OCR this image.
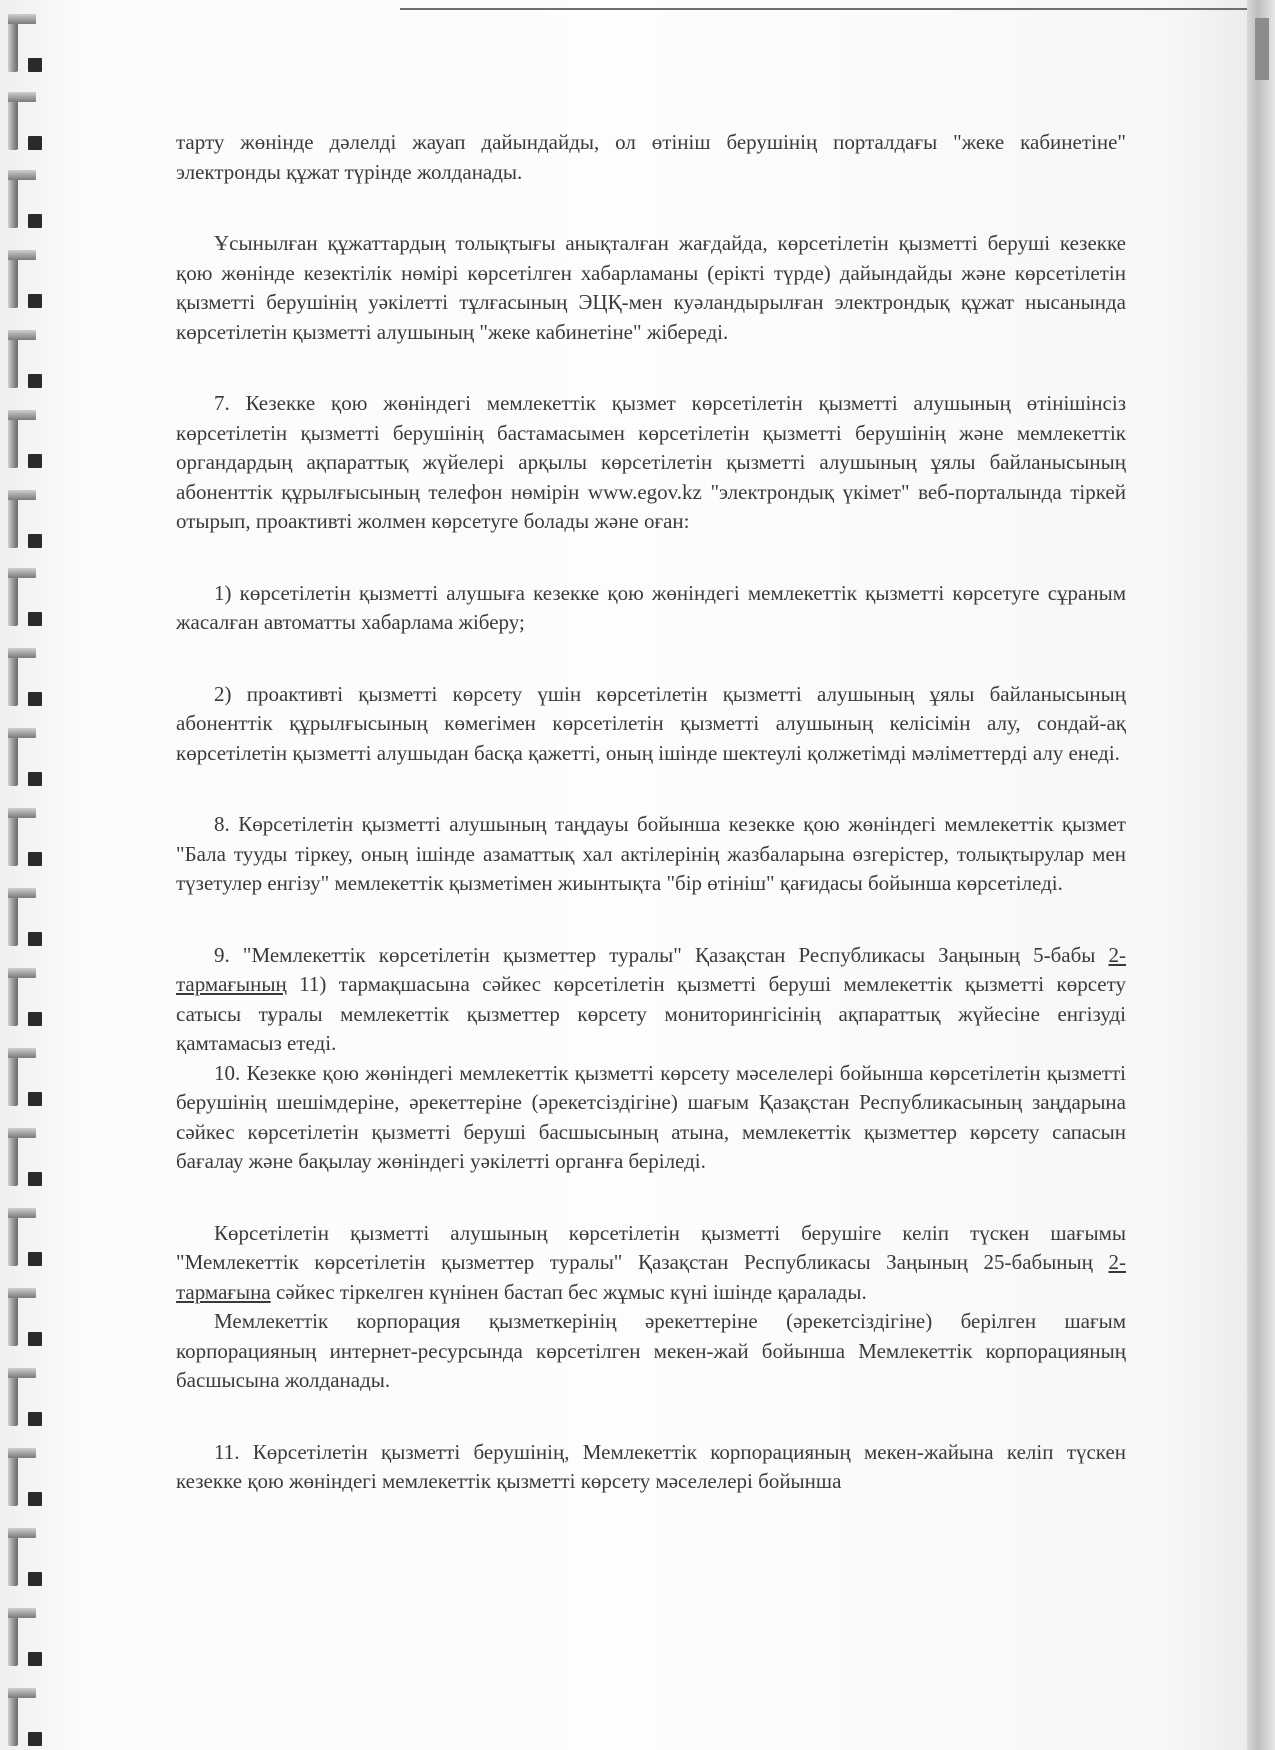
тарту жөнінде дәлелді жауап дайындайды, ол өтініш берушінің порталдағы "жеке кабинетіне" электронды құжат түрінде жолданады.

Ұсынылған құжаттардың толықтығы анықталған жағдайда, көрсетілетін қызметті беруші кезекке қою жөнінде кезектілік нөмірі көрсетілген хабарламаны (ерікті түрде) дайындайды және көрсетілетін қызметті берушінің уәкілетті тұлғасының ЭЦҚ-мен куәландырылған электрондық құжат нысанында көрсетілетін қызметті алушының "жеке кабинетіне" жібереді.

7. Кезекке қою жөніндегі мемлекеттік қызмет көрсетілетін қызметті алушының өтінішінсіз көрсетілетін қызметті берушінің бастамасымен көрсетілетін қызметті берушінің және мемлекеттік органдардың ақпараттық жүйелері арқылы көрсетілетін қызметті алушының ұялы байланысының абоненттік құрылғысының телефон нөмірін www.egov.kz "электрондық үкімет" веб-порталында тіркей отырып, проактивті жолмен көрсетуге болады және оған:

1) көрсетілетін қызметті алушыға кезекке қою жөніндегі мемлекеттік қызметті көрсетуге сұраным жасалған автоматты хабарлама жіберу;

2) проактивті қызметті көрсету үшін көрсетілетін қызметті алушының ұялы байланысының абоненттік құрылғысының көмегімен көрсетілетін қызметті алушының келісімін алу, сондай-ақ көрсетілетін қызметті алушыдан басқа қажетті, оның ішінде шектеулі қолжетімді мәліметтерді алу енеді.

8. Көрсетілетін қызметті алушының таңдауы бойынша кезекке қою жөніндегі мемлекеттік қызмет "Бала тууды тіркеу, оның ішінде азаматтық хал актілерінің жазбаларына өзгерістер, толықтырулар мен түзетулер енгізу" мемлекеттік қызметімен жиынтықта "бір өтініш" қағидасы бойынша көрсетіледі.

9. "Мемлекеттік көрсетілетін қызметтер туралы" Қазақстан Республикасы Заңының 5-бабы 2-тармағының 11) тармақшасына сәйкес көрсетілетін қызметті беруші мемлекеттік қызметті көрсету сатысы туралы мемлекеттік қызметтер көрсету мониторингісінің ақпараттық жүйесіне енгізуді қамтамасыз етеді.

10. Кезекке қою жөніндегі мемлекеттік қызметті көрсету мәселелері бойынша көрсетілетін қызметті берушінің шешімдеріне, әрекеттеріне (әрекетсіздігіне) шағым Қазақстан Республикасының заңдарына сәйкес көрсетілетін қызметті беруші басшысының атына, мемлекеттік қызметтер көрсету сапасын бағалау және бақылау жөніндегі уәкілетті органға беріледі.

Көрсетілетін қызметті алушының көрсетілетін қызметті берушіге келіп түскен шағымы "Мемлекеттік көрсетілетін қызметтер туралы" Қазақстан Республикасы Заңының 25-бабының 2-тармағына сәйкес тіркелген күнінен бастап бес жұмыс күні ішінде қаралады.

Мемлекеттік корпорация қызметкерінің әрекеттеріне (әрекетсіздігіне) берілген шағым корпорацияның интернет-ресурсында көрсетілген мекен-жай бойынша Мемлекеттік корпорацияның басшысына жолданады.

11. Көрсетілетін қызметті берушінің, Мемлекеттік корпорацияның мекен-жайына келіп түскен кезекке қою жөніндегі мемлекеттік қызметті көрсету мәселелері бойынша
